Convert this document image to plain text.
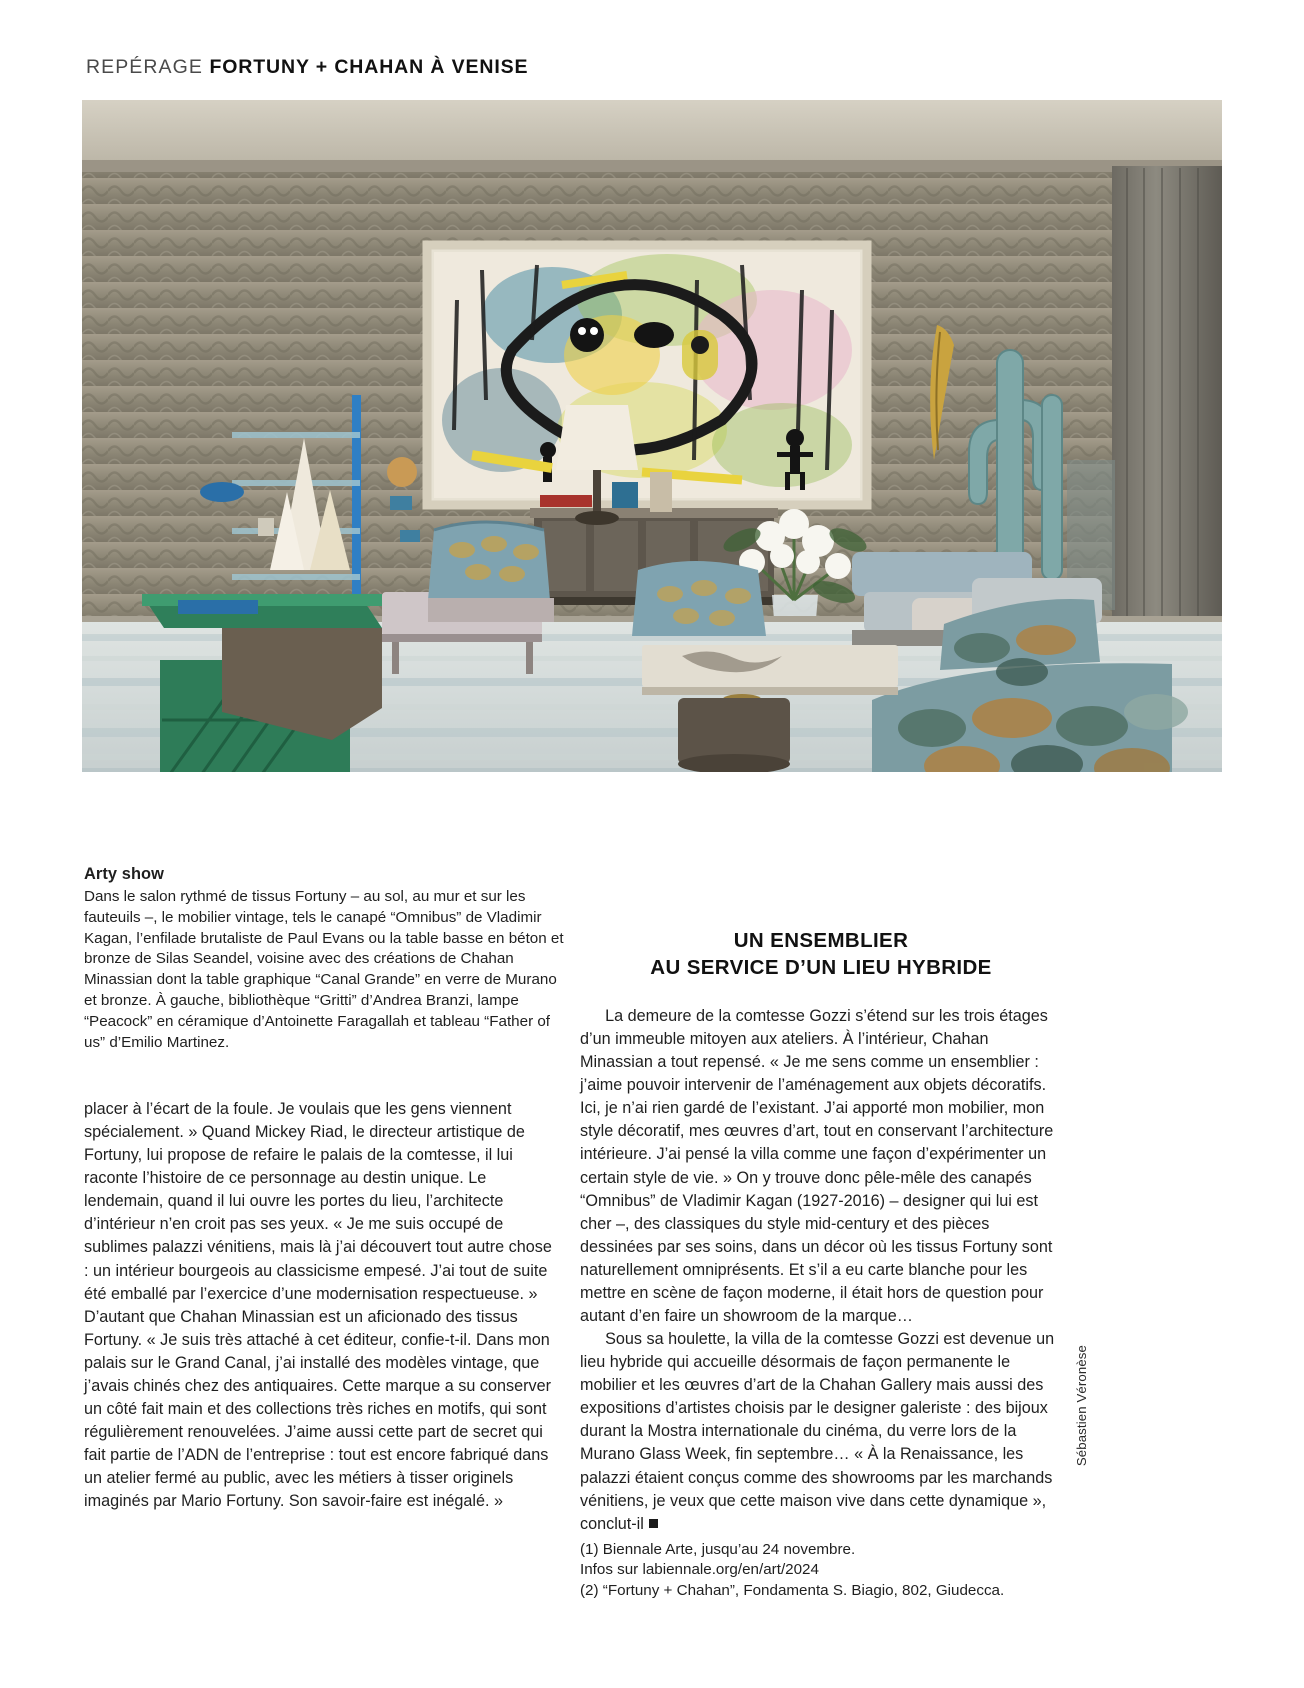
REPÉRAGE FORTUNY + CHAHAN À VENISE

Arty show

Dans le salon rythmé de tissus Fortuny – au sol, au mur et sur les fauteuils –, le mobilier vintage, tels le canapé “Omnibus” de Vladimir Kagan, l’enfilade brutaliste de Paul Evans ou la table basse en béton et bronze de Silas Seandel, voisine avec des créations de Chahan Minassian dont la table graphique “Canal Grande” en verre de Murano et bronze. À gauche, bibliothèque “Gritti” d’Andrea Branzi, lampe “Peacock” en céramique d’Antoinette Faragallah et tableau “Father of us” d’Emilio Martinez.

placer à l’écart de la foule. Je voulais que les gens viennent spécialement. » Quand Mickey Riad, le directeur artistique de Fortuny, lui propose de refaire le palais de la comtesse, il lui raconte l’histoire de ce personnage au destin unique. Le lendemain, quand il lui ouvre les portes du lieu, l’architecte d’intérieur n’en croit pas ses yeux. « Je me suis occupé de sublimes palazzi vénitiens, mais là j’ai découvert tout autre chose : un intérieur bourgeois au classicisme empesé. J’ai tout de suite été emballé par l’exercice d’une modernisation respectueuse. » D’autant que Chahan Minassian est un aficionado des tissus Fortuny. « Je suis très attaché à cet éditeur, confie-t-il. Dans mon palais sur le Grand Canal, j’ai installé des modèles vintage, que j’avais chinés chez des antiquaires. Cette marque a su conserver un côté fait main et des collections très riches en motifs, qui sont régulièrement renouvelées. J’aime aussi cette part de secret qui fait partie de l’ADN de l’entreprise : tout est encore fabriqué dans un atelier fermé au public, avec les métiers à tisser originels imaginés par Mario Fortuny. Son savoir-faire est inégalé. »

UN ENSEMBLIER
AU SERVICE D’UN LIEU HYBRIDE

La demeure de la comtesse Gozzi s’étend sur les trois étages d’un immeuble mitoyen aux ateliers. À l’intérieur, Chahan Minassian a tout repensé. « Je me sens comme un ensemblier : j’aime pouvoir intervenir de l’aménagement aux objets décoratifs. Ici, je n’ai rien gardé de l’existant. J’ai apporté mon mobilier, mon style décoratif, mes œuvres d’art, tout en conservant l’architecture intérieure. J’ai pensé la villa comme une façon d’expérimenter un certain style de vie. » On y trouve donc pêle-mêle des canapés “Omnibus” de Vladimir Kagan (1927-2016) – designer qui lui est cher –, des classiques du style mid-century et des pièces dessinées par ses soins, dans un décor où les tissus Fortuny sont naturellement omniprésents. Et s’il a eu carte blanche pour les mettre en scène de façon moderne, il était hors de question pour autant d’en faire un showroom de la marque…

Sous sa houlette, la villa de la comtesse Gozzi est devenue un lieu hybride qui accueille désormais de façon permanente le mobilier et les œuvres d’art de la Chahan Gallery mais aussi des expositions d’artistes choisis par le designer galeriste : des bijoux durant la Mostra internationale du cinéma, du verre lors de la Murano Glass Week, fin septembre… « À la Renaissance, les palazzi étaient conçus comme des showrooms par les marchands vénitiens, je veux que cette maison vive dans cette dynamique », conclut-il

(1) Biennale Arte, jusqu’au 24 novembre.
Infos sur labiennale.org/en/art/2024
(2) “Fortuny + Chahan”, Fondamenta S. Biagio, 802, Giudecca.
Sébastien Véronèse
